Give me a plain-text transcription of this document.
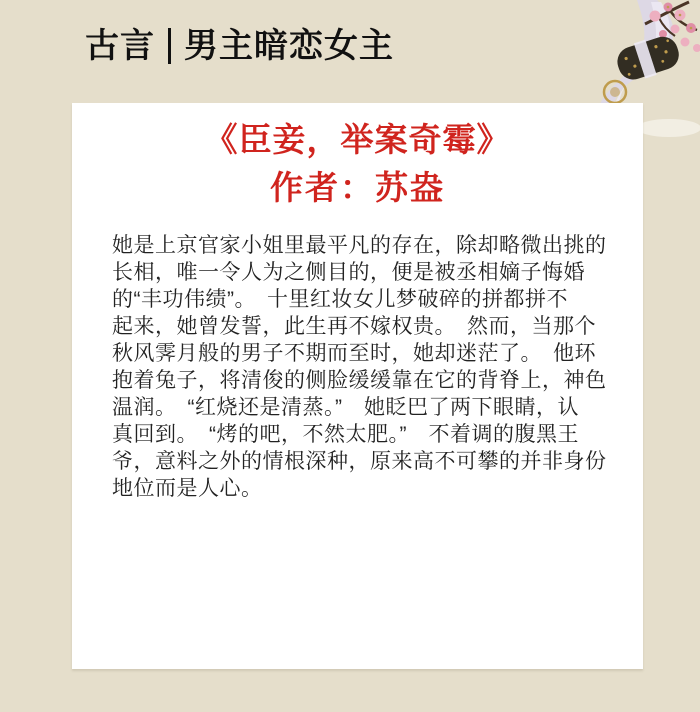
古言 男主暗恋女主
《臣妾，举案奇霉》
作者：苏盎
她是上京官家小姐里最平凡的存在，除却略微出挑的
长相，唯一令人为之侧目的，便是被丞相嫡子悔婚
的“丰功伟绩”。　十里红妆女儿梦破碎的拼都拼不
起来，她曾发誓，此生再不嫁权贵。　然而，当那个
秋风霁月般的男子不期而至时，她却迷茫了。　他环
抱着兔子，将清俊的侧脸缓缓靠在它的背脊上，神色
温润。　“红烧还是清蒸。”　她眨巴了两下眼睛，认
真回到。　“烤的吧，不然太肥。”　不着调的腹黑王
爷，意料之外的情根深种，原来高不可攀的并非身份
地位而是人心。
